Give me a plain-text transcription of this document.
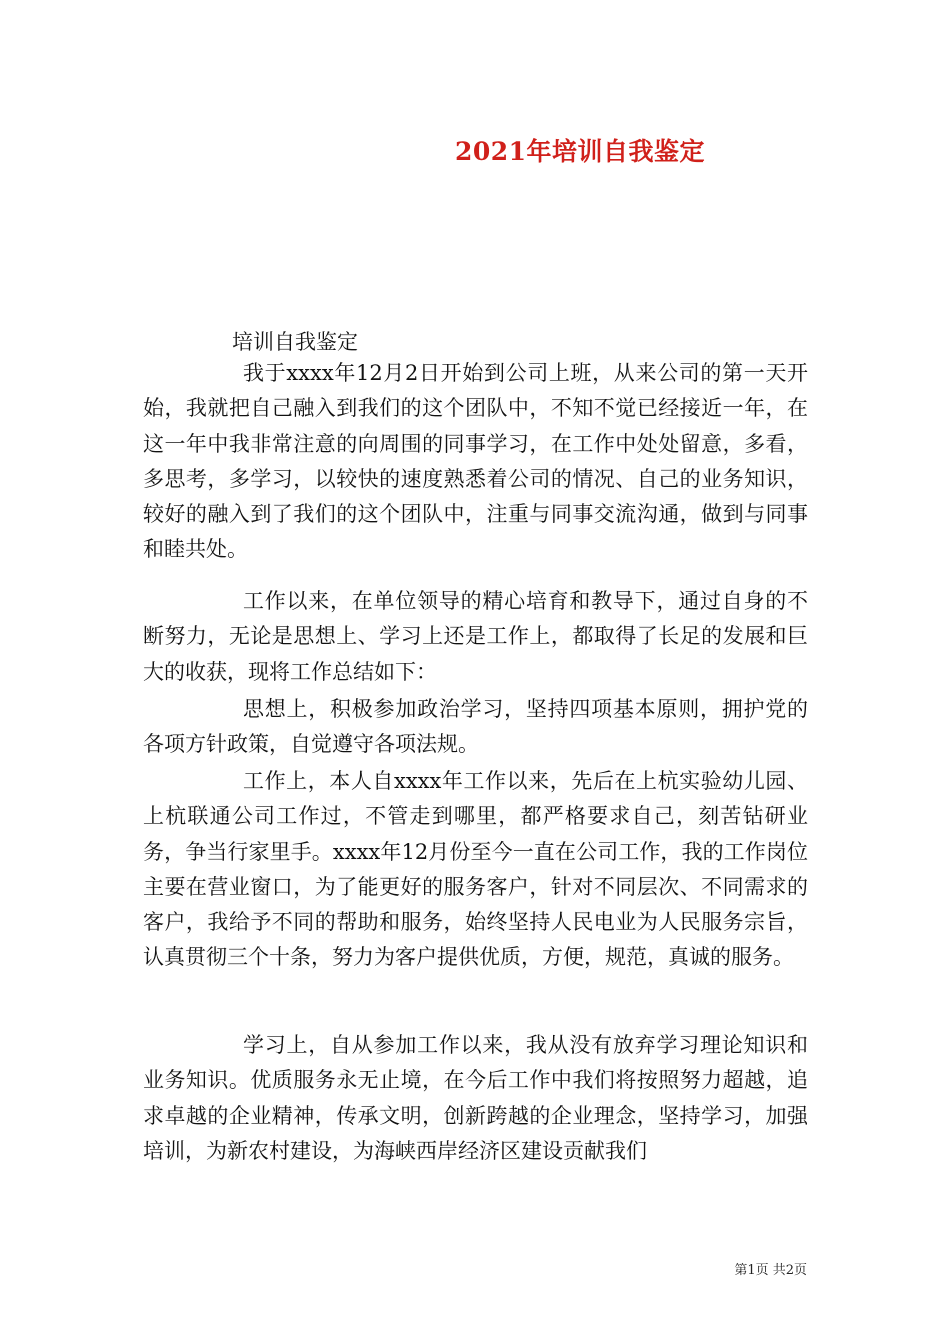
2021年培训自我鉴定
培训自我鉴定

我于xxxx年12月2日开始到公司上班，从来公司的第一天开始，我就把自己融入到我们的这个团队中，不知不觉已经接近一年，在这一年中我非常注意的向周围的同事学习，在工作中处处留意，多看，多思考，多学习，以较快的速度熟悉着公司的情况、自己的业务知识，较好的融入到了我们的这个团队中，注重与同事交流沟通，做到与同事和睦共处。

工作以来，在单位领导的精心培育和教导下，通过自身的不断努力，无论是思想上、学习上还是工作上，都取得了长足的发展和巨大的收获，现将工作总结如下：

思想上，积极参加政治学习，坚持四项基本原则，拥护党的各项方针政策，自觉遵守各项法规。

工作上，本人自xxxx年工作以来，先后在上杭实验幼儿园、上杭联通公司工作过，不管走到哪里，都严格要求自己，刻苦钻研业务，争当行家里手。xxxx年12月份至今一直在公司工作，我的工作岗位主要在营业窗口，为了能更好的服务客户，针对不同层次、不同需求的客户，我给予不同的帮助和服务，始终坚持人民电业为人民服务宗旨，认真贯彻三个十条，努力为客户提供优质，方便，规范，真诚的服务。

学习上，自从参加工作以来，我从没有放弃学习理论知识和业务知识。优质服务永无止境，在今后工作中我们将按照努力超越，追求卓越的企业精神，传承文明，创新跨越的企业理念，坚持学习，加强培训，为新农村建设，为海峡西岸经济区建设贡献我们

第1页 共2页
